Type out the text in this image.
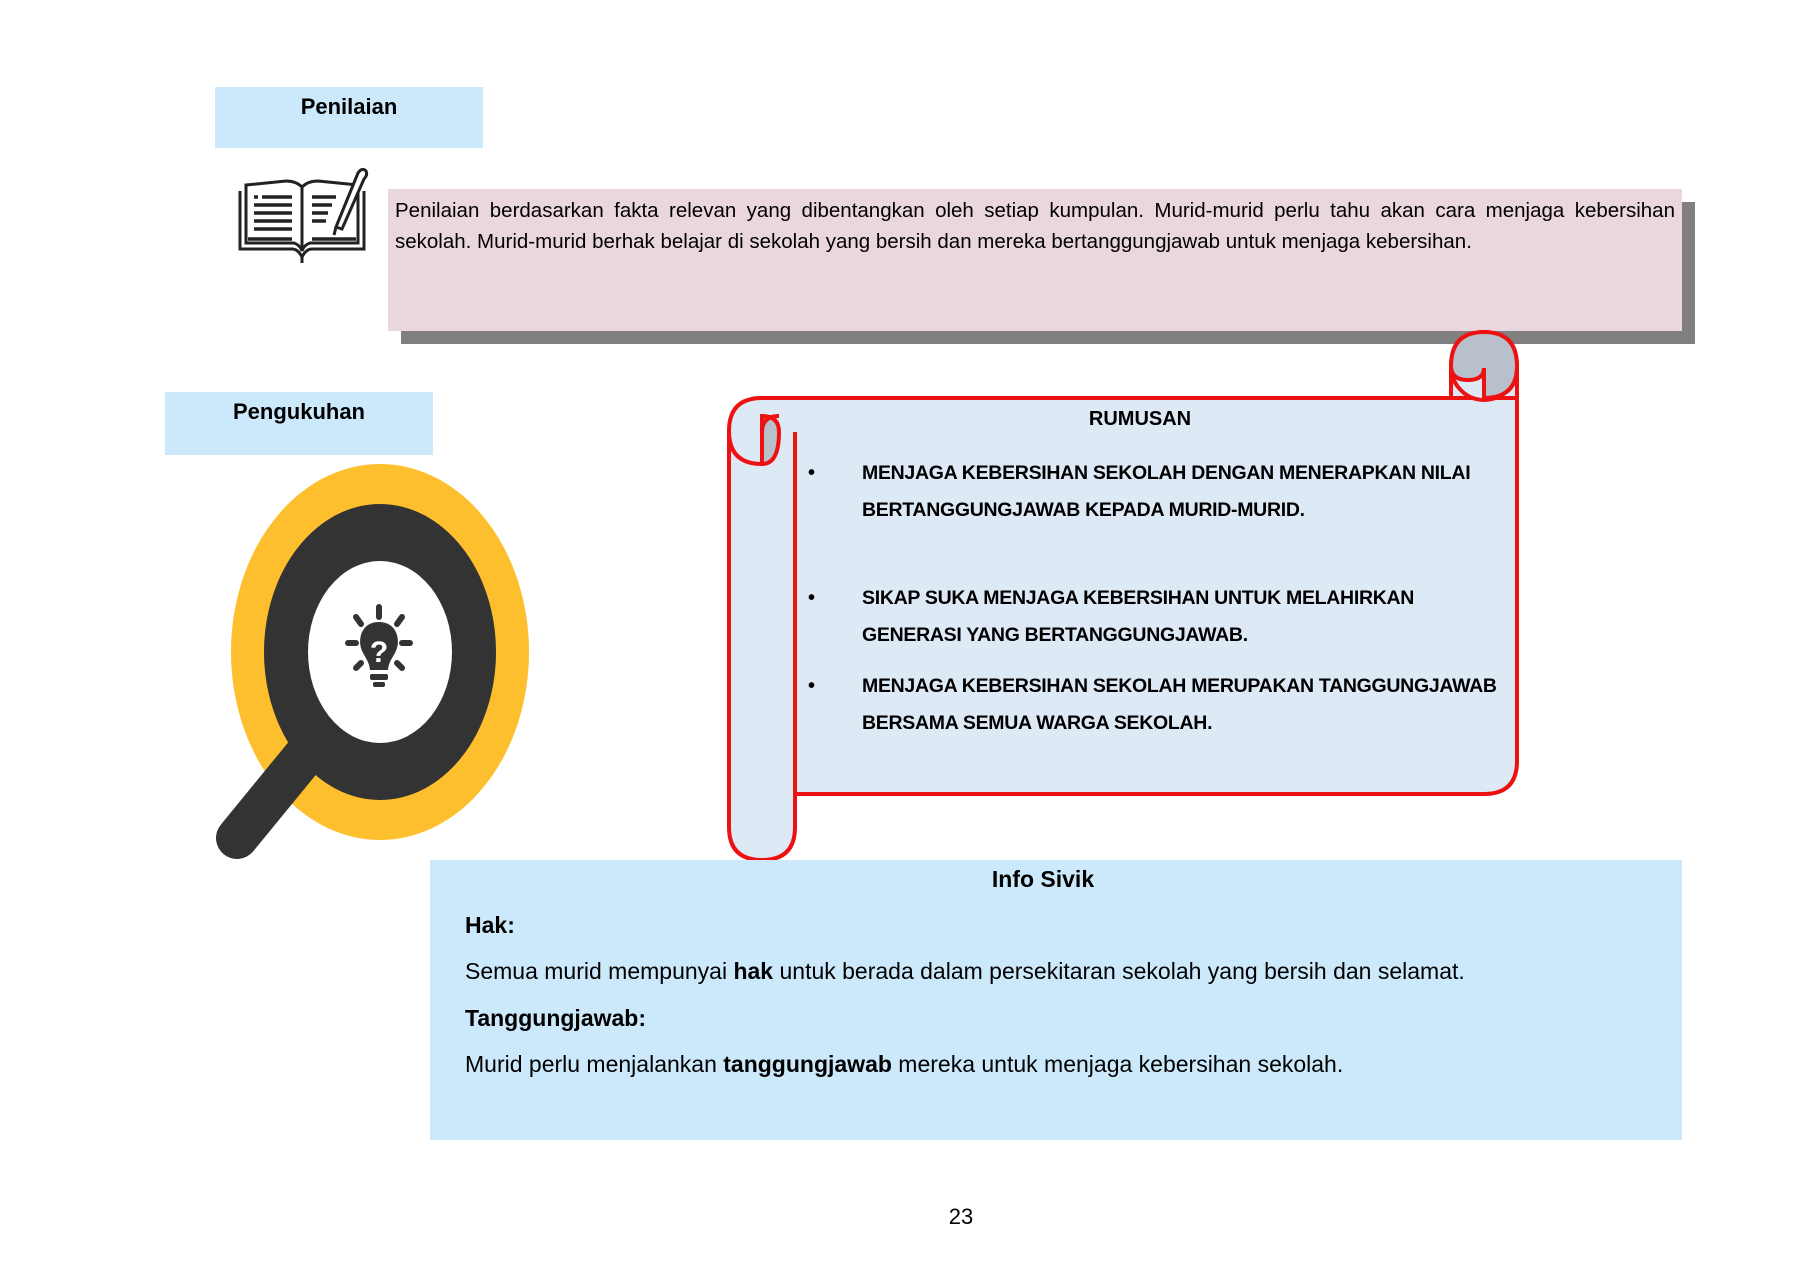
Penilaian
Penilaian berdasarkan fakta relevan yang dibentangkan oleh setiap kumpulan. Murid-murid perlu tahu akan cara menjaga kebersihan sekolah. Murid-murid berhak belajar di sekolah yang bersih dan mereka bertanggungjawab untuk menjaga kebersihan.
Pengukuhan
?
RUMUSAN
• MENJAGA KEBERSIHAN SEKOLAH DENGAN MENERAPKAN NILAI BERTANGGUNGJAWAB KEPADA MURID-MURID.
• SIKAP SUKA MENJAGA KEBERSIHAN UNTUK MELAHIRKAN GENERASI YANG BERTANGGUNGJAWAB.
• MENJAGA KEBERSIHAN SEKOLAH MERUPAKAN TANGGUNGJAWAB BERSAMA SEMUA WARGA SEKOLAH.
Info Sivik
Hak:
Semua murid mempunyai hak untuk berada dalam persekitaran sekolah yang bersih dan selamat.
Tanggungjawab:
Murid perlu menjalankan tanggungjawab mereka untuk menjaga kebersihan sekolah.
23
